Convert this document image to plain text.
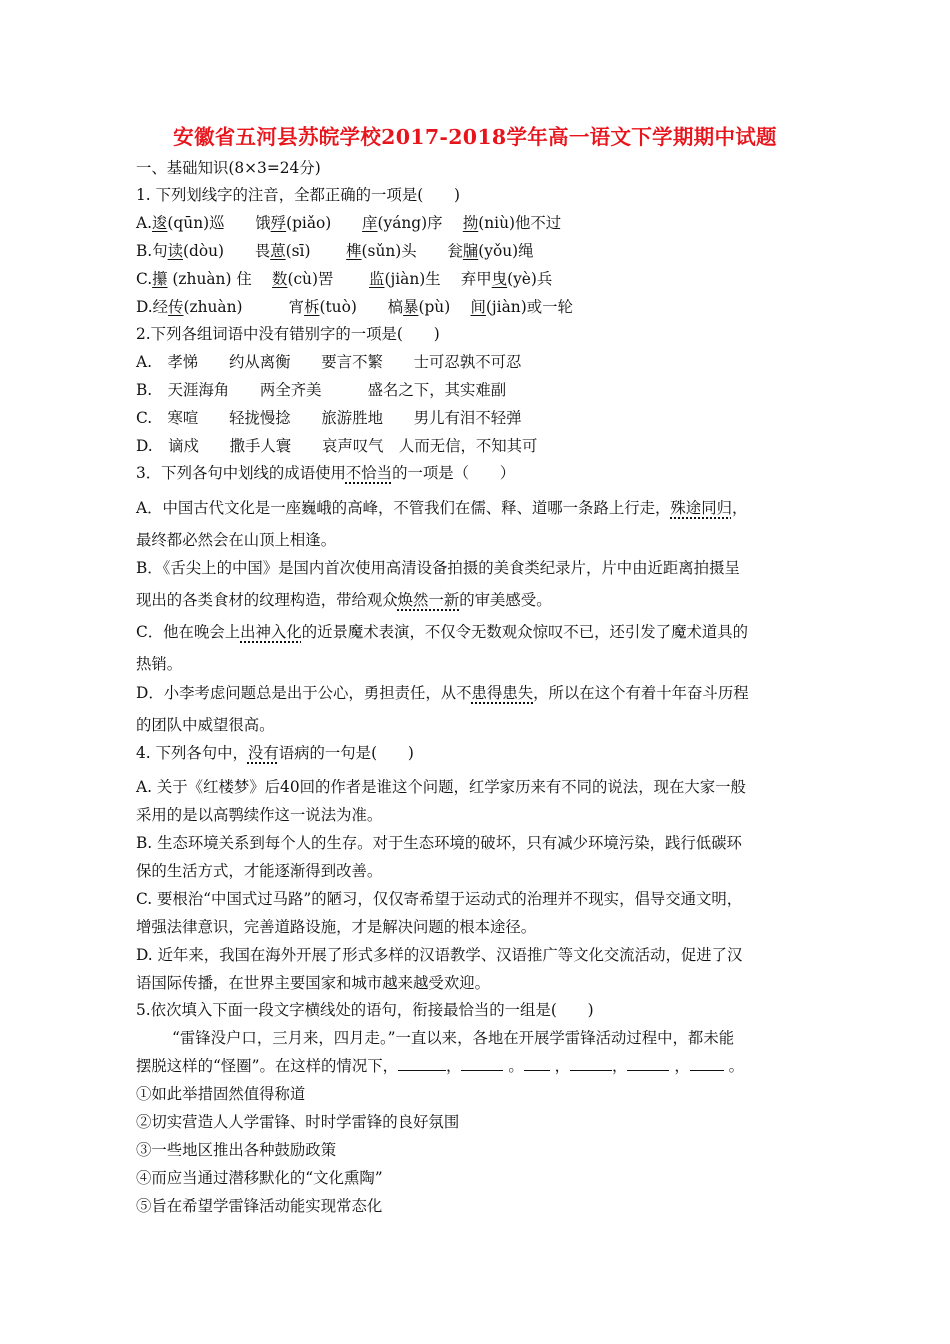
安徽省五河县苏皖学校2017-2018学年高一语文下学期期中试题
一、基础知识(8×3=24分)
1. 下列划线字的注音，全都正确的一项是(　　)
A.逡(qūn)巡　　饿殍(piǎo)　　庠(yáng)序　 拗(niù)他不过
B.句读(dòu)　　畏葸(sī)　　 榫(sǔn)头　　瓮牖(yǒu)绳
C.攥 (zhuàn) 住　 数(cù)罟　　 监(jiàn)生　 弃甲曳(yè)兵
D.经传(zhuàn)　　　宵柝(tuò)　　槁暴(pù)　 间(jiàn)或一轮
2.下列各组词语中没有错别字的一项是(　　)
A.　孝悌　　约从离衡　　要言不繁　　士可忍孰不可忍
B.　天涯海角　　两全齐美　　　盛名之下，其实难副
C.　寒喧　　轻拢慢捻　　旅游胜地　　男儿有泪不轻弹
D.　谪戍　　撒手人寰　　哀声叹气　人而无信，不知其可
3．下列各句中划线的成语使用不恰当的一项是（　　）
A．中国古代文化是一座巍峨的高峰，不管我们在儒、释、道哪一条路上行走，殊途同归，
最终都必然会在山顶上相逢。
B．《舌尖上的中国》是国内首次使用高清设备拍摄的美食类纪录片，片中由近距离拍摄呈
现出的各类食材的纹理构造，带给观众焕然一新的审美感受。
C．他在晚会上出神入化的近景魔术表演，不仅令无数观众惊叹不已，还引发了魔术道具的
热销。
D．小李考虑问题总是出于公心，勇担责任，从不患得患失，所以在这个有着十年奋斗历程
的团队中威望很高。
4. 下列各句中，没有语病的一句是(　　)
A. 关于《红楼梦》后40回的作者是谁这个问题，红学家历来有不同的说法，现在大家一般
采用的是以高鹗续作这一说法为准。
B. 生态环境关系到每个人的生存。对于生态环境的破坏，只有减少环境污染，践行低碳环
保的生活方式，才能逐渐得到改善。
C. 要根治“中国式过马路”的陋习，仅仅寄希望于运动式的治理并不现实，倡导交通文明，
增强法律意识，完善道路设施，才是解决问题的根本途径。
D. 近年来，我国在海外开展了形式多样的汉语教学、汉语推广等文化交流活动，促进了汉
语国际传播，在世界主要国家和城市越来越受欢迎。
5.依次填入下面一段文字横线处的语句，衔接最恰当的一组是(　　)
“雷锋没户口，三月来，四月走。”一直以来，各地在开展学雷锋活动过程中，都未能
摆脱这样的“怪圈”。在这样的情况下，	，	。 ，	，	，	。
①如此举措固然值得称道
②切实营造人人学雷锋、时时学雷锋的良好氛围
③一些地区推出各种鼓励政策
④而应当通过潜移默化的“文化熏陶”
⑤旨在希望学雷锋活动能实现常态化
